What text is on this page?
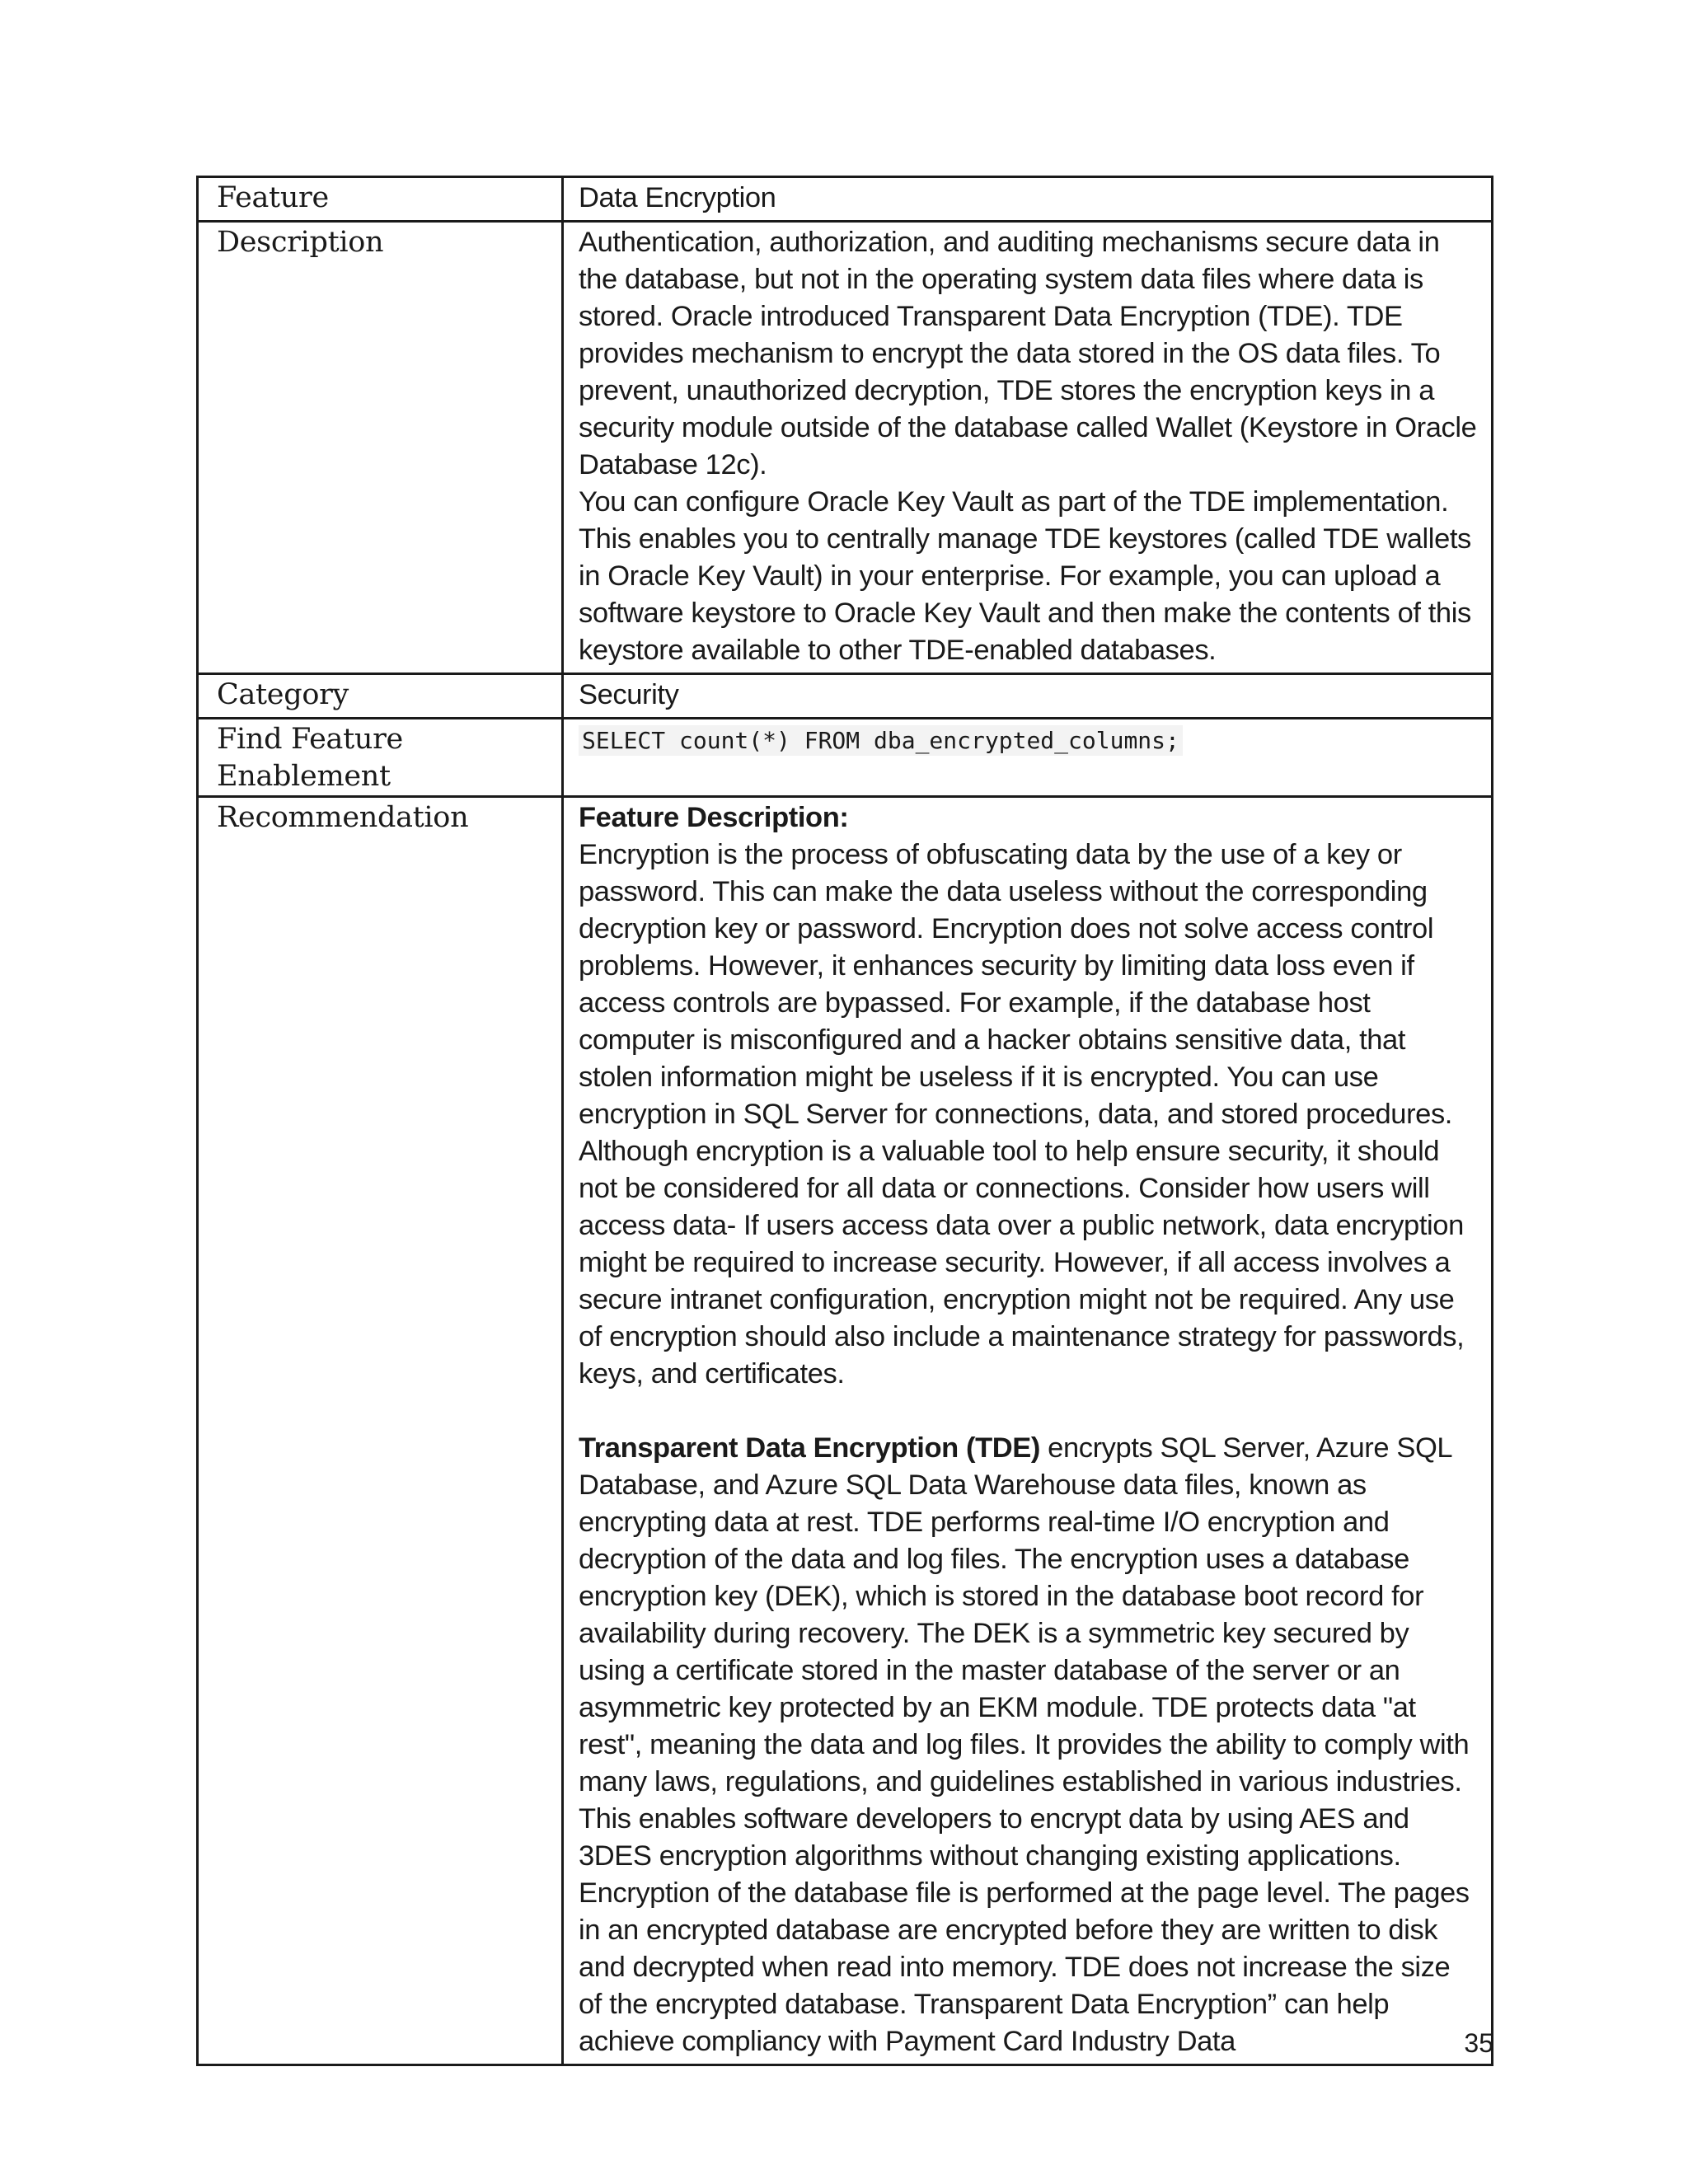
Feature	Data Encryption
Description	Authentication, authorization, and auditing mechanisms secure data in the database, but not in the operating system data files where data is stored. Oracle introduced Transparent Data Encryption (TDE). TDE provides mechanism to encrypt the data stored in the OS data files. To prevent, unauthorized decryption, TDE stores the encryption keys in a security module outside of the database called Wallet (Keystore in Oracle Database 12c).

You can configure Oracle Key Vault as part of the TDE implementation. This enables you to centrally manage TDE keystores (called TDE wallets in Oracle Key Vault) in your enterprise. For example, you can upload a software keystore to Oracle Key Vault and then make the contents of this keystore available to other TDE-enabled databases.

Category	Security
Find Feature Enablement	SELECT count(*) FROM dba_encrypted_columns;
Recommendation	Feature Description:

Encryption is the process of obfuscating data by the use of a key or password. This can make the data useless without the corresponding decryption key or password. Encryption does not solve access control problems. However, it enhances security by limiting data loss even if access controls are bypassed. For example, if the database host computer is misconfigured and a hacker obtains sensitive data, that stolen information might be useless if it is encrypted. You can use encryption in SQL Server for connections, data, and stored procedures.

Although encryption is a valuable tool to help ensure security, it should not be considered for all data or connections. Consider how users will access data- If users access data over a public network, data encryption might be required to increase security. However, if all access involves a secure intranet configuration, encryption might not be required. Any use of encryption should also include a maintenance strategy for passwords, keys, and certificates.

Transparent Data Encryption (TDE) encrypts SQL Server, Azure SQL Database, and Azure SQL Data Warehouse data files, known as encrypting data at rest. TDE performs real-time I/O encryption and decryption of the data and log files. The encryption uses a database encryption key (DEK), which is stored in the database boot record for availability during recovery. The DEK is a symmetric key secured by using a certificate stored in the master database of the server or an asymmetric key protected by an EKM module. TDE protects data "at rest", meaning the data and log files. It provides the ability to comply with many laws, regulations, and guidelines established in various industries. This enables software developers to encrypt data by using AES and 3DES encryption algorithms without changing existing applications. Encryption of the database file is performed at the page level. The pages in an encrypted database are encrypted before they are written to disk and decrypted when read into memory. TDE does not increase the size of the encrypted database. Transparent Data Encryption” can help achieve compliancy with Payment Card Industry Data	35
